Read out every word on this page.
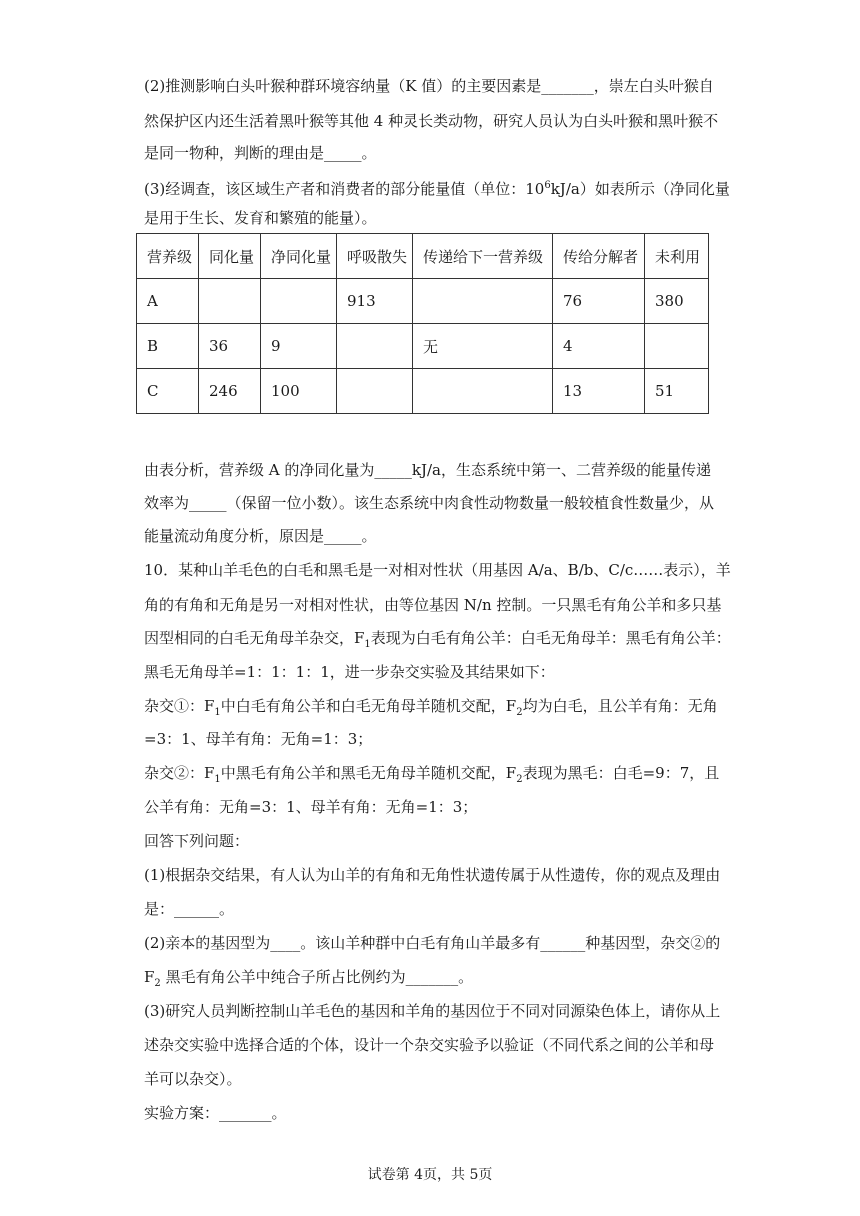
(2)推测影响白头叶猴种群环境容纳量（K 值）的主要因素是_______，崇左白头叶猴自
然保护区内还生活着黑叶猴等其他 4 种灵长类动物，研究人员认为白头叶猴和黑叶猴不
是同一物种，判断的理由是_____。
(3)经调查，该区域生产者和消费者的部分能量值（单位：$10^6kJ/a$）如表所示（净同化量
是用于生长、发育和繁殖的能量）。
营养级	同化量	净同化量	呼吸散失	传递给下一营养级	传给分解者	未利用
A			913		76	380
B	36	9		无	4	
C	246	100			13	51
由表分析，营养级 A 的净同化量为_____kJ/a，生态系统中第一、二营养级的能量传递
效率为_____（保留一位小数）。该生态系统中肉食性动物数量一般较植食性数量少，从
能量流动角度分析，原因是_____。
10．某种山羊毛色的白毛和黑毛是一对相对性状（用基因 A/a、B/b、C/c……表示），羊
角的有角和无角是另一对相对性状，由等位基因 N/n 控制。一只黑毛有角公羊和多只基
因型相同的白毛无角母羊杂交，$F_1$表现为白毛有角公羊：白毛无角母羊：黑毛有角公羊：
黑毛无角母羊=1：1：1：1，进一步杂交实验及其结果如下：
杂交①：$F_1$中白毛有角公羊和白毛无角母羊随机交配，$F_2$均为白毛，且公羊有角：无角
=3：1、母羊有角：无角=1：3；
杂交②：$F_1$中黑毛有角公羊和黑毛无角母羊随机交配，$F_2$表现为黑毛：白毛=9：7，且
公羊有角：无角=3：1、母羊有角：无角=1：3；
回答下列问题：
(1)根据杂交结果，有人认为山羊的有角和无角性状遗传属于从性遗传，你的观点及理由
是：______。
(2)亲本的基因型为____。该山羊种群中白毛有角山羊最多有______种基因型，杂交②的
$F_2$ 黑毛有角公羊中纯合子所占比例约为_______。
(3)研究人员判断控制山羊毛色的基因和羊角的基因位于不同对同源染色体上，请你从上
述杂交实验中选择合适的个体，设计一个杂交实验予以验证（不同代系之间的公羊和母
羊可以杂交）。
实验方案：_______。
试卷第 4页，共 5页
